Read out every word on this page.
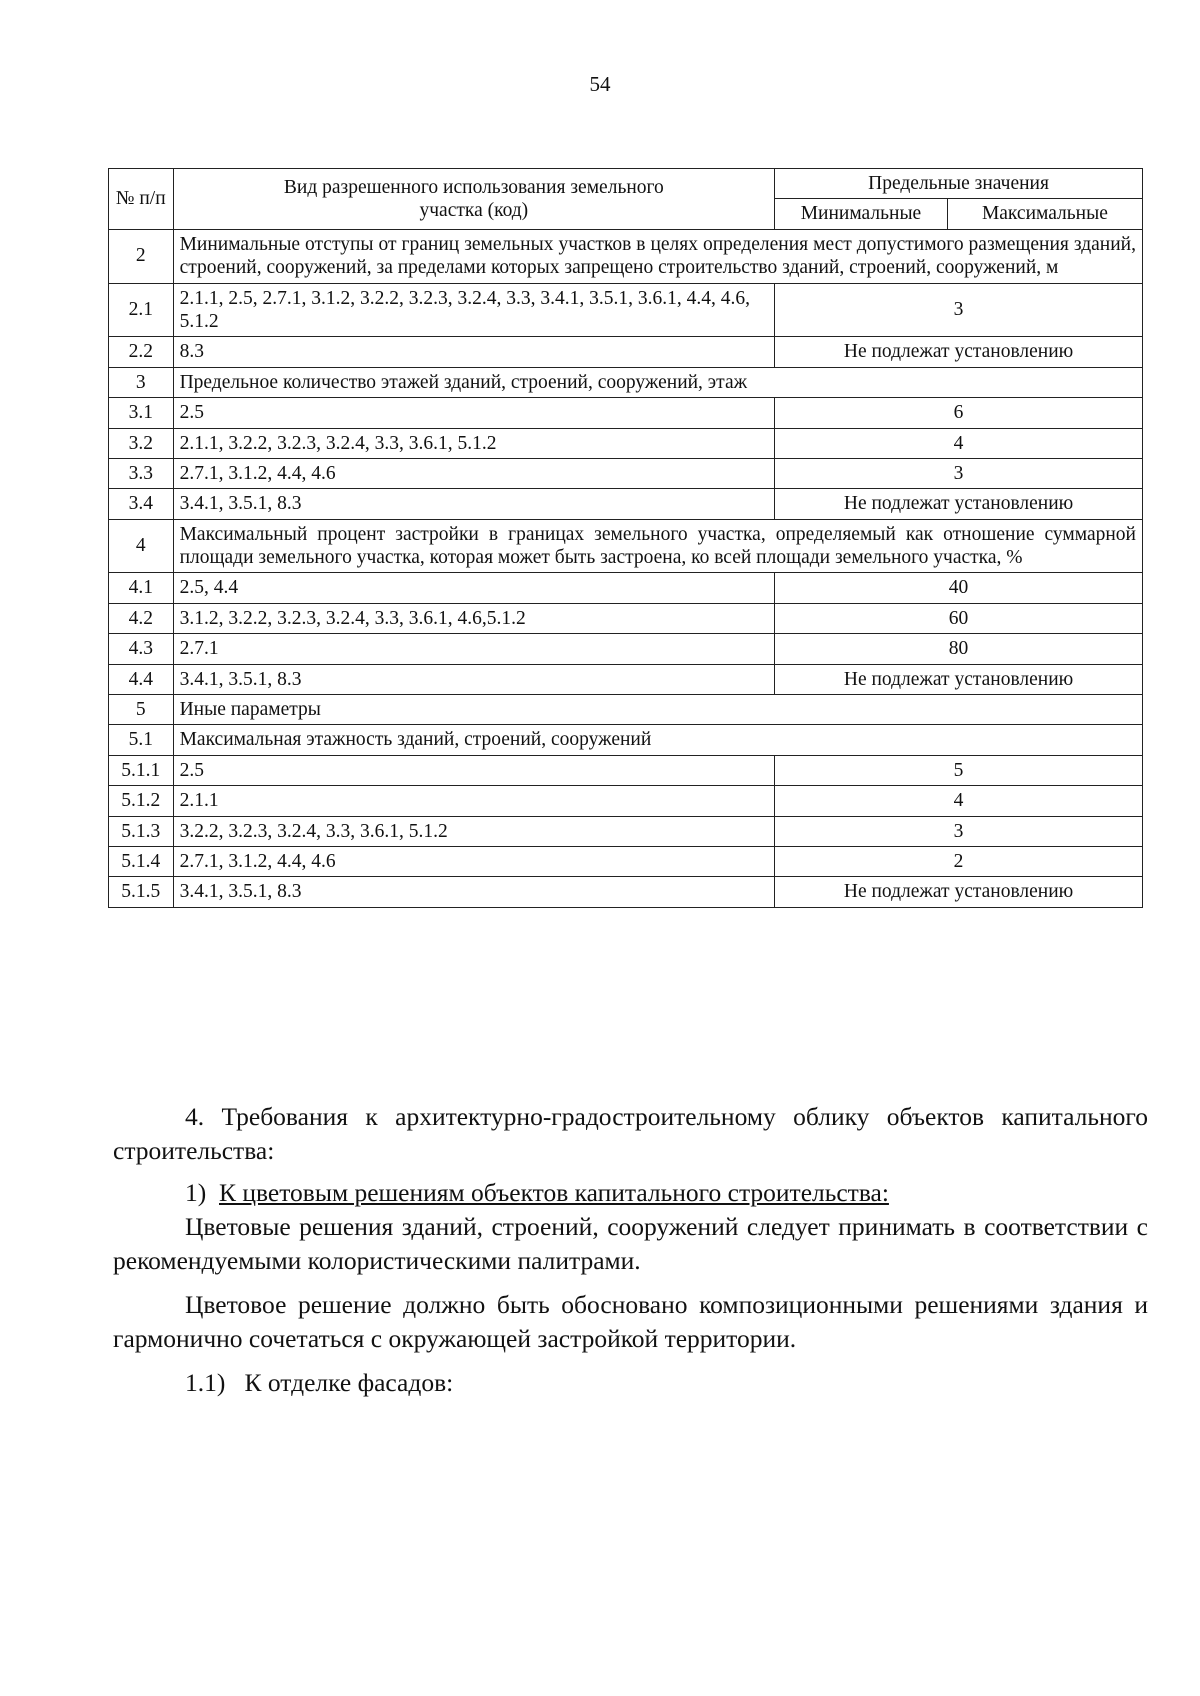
54
№ п/п	Вид разрешенного использования земельного участка (код)	Предельные значения	
		Минимальные	Максимальные
2	Минимальные отступы от границ земельных участков в целях определения мест допустимого размещения зданий, строений, сооружений, за пределами которых запрещено строительство зданий, строений, сооружений, м		
2.1	2.1.1, 2.5, 2.7.1, 3.1.2, 3.2.2, 3.2.3, 3.2.4, 3.3, 3.4.1, 3.5.1, 3.6.1, 4.4, 4.6, 5.1.2	3	
2.2	8.3	Не подлежат установлению	
3	Предельное количество этажей зданий, строений, сооружений, этаж		
3.1	2.5	6	
3.2	2.1.1, 3.2.2, 3.2.3, 3.2.4, 3.3, 3.6.1, 5.1.2	4	
3.3	2.7.1, 3.1.2, 4.4, 4.6	3	
3.4	3.4.1, 3.5.1, 8.3	Не подлежат установлению	
4	Максимальный процент застройки в границах земельного участка, определяемый как отношение суммарной площади земельного участка, которая может быть застроена, ко всей площади земельного участка, %		
4.1	2.5, 4.4	40	
4.2	3.1.2, 3.2.2, 3.2.3, 3.2.4, 3.3, 3.6.1, 4.6,5.1.2	60	
4.3	2.7.1	80	
4.4	3.4.1, 3.5.1, 8.3	Не подлежат установлению	
5	Иные параметры		
5.1	Максимальная этажность зданий, строений, сооружений		
5.1.1	2.5	5	
5.1.2	2.1.1	4	
5.1.3	3.2.2, 3.2.3, 3.2.4, 3.3, 3.6.1, 5.1.2	3	
5.1.4	2.7.1, 3.1.2, 4.4, 4.6	2	
5.1.5	3.4.1, 3.5.1, 8.3	Не подлежат установлению	

4. Требования к архитектурно-градостроительному облику объектов капитального строительства:

1) К цветовым решениям объектов капитального строительства:

Цветовые решения зданий, строений, сооружений следует принимать в соответствии с рекомендуемыми колористическими палитрами.

Цветовое решение должно быть обосновано композиционными решениями здания и гармонично сочетаться с окружающей застройкой территории.

1.1) К отделке фасадов:
